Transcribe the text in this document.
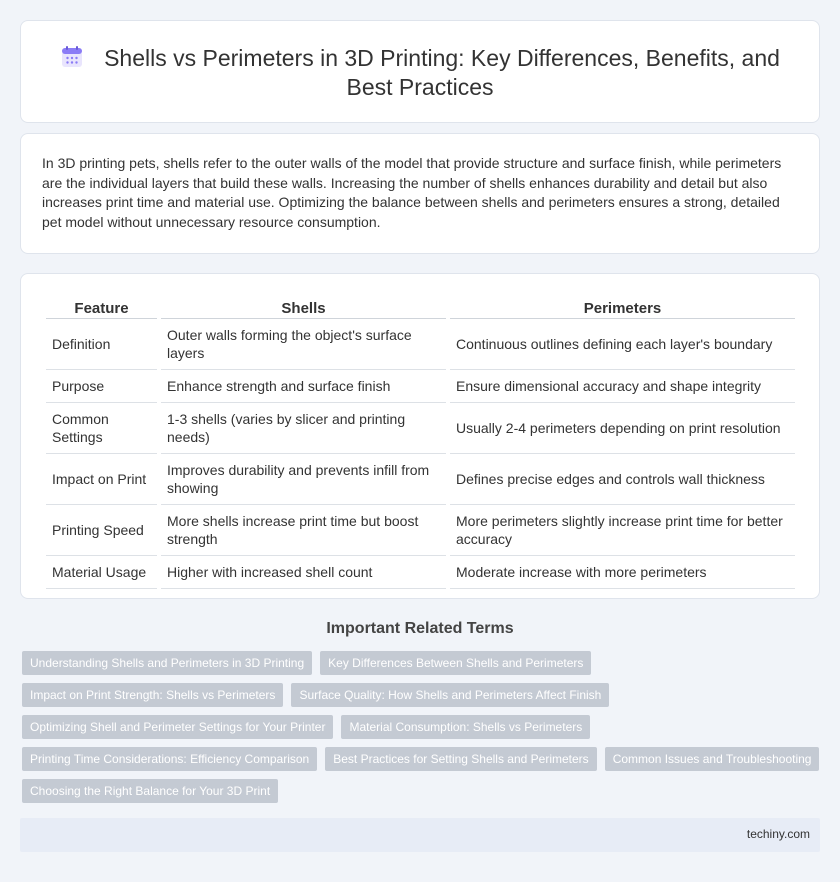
Shells vs Perimeters in 3D Printing: Key Differences, Benefits, and Best Practices

In 3D printing pets, shells refer to the outer walls of the model that provide structure and surface finish, while perimeters are the individual layers that build these walls. Increasing the number of shells enhances durability and detail but also increases print time and material use. Optimizing the balance between shells and perimeters ensures a strong, detailed pet model without unnecessary resource consumption.

Feature	Shells	Perimeters
Definition	Outer walls forming the object's surface layers	Continuous outlines defining each layer's boundary
Purpose	Enhance strength and surface finish	Ensure dimensional accuracy and shape integrity
Common Settings	1-3 shells (varies by slicer and printing needs)	Usually 2-4 perimeters depending on print resolution
Impact on Print	Improves durability and prevents infill from showing	Defines precise edges and controls wall thickness
Printing Speed	More shells increase print time but boost strength	More perimeters slightly increase print time for better accuracy
Material Usage	Higher with increased shell count	Moderate increase with more perimeters
Important Related Terms
Understanding Shells and Perimeters in 3D Printing	Key Differences Between Shells and Perimeters
Impact on Print Strength: Shells vs Perimeters	Surface Quality: How Shells and Perimeters Affect Finish
Optimizing Shell and Perimeter Settings for Your Printer	Material Consumption: Shells vs Perimeters
Printing Time Considerations: Efficiency Comparison	Best Practices for Setting Shells and Perimeters	Common Issues and Troubleshooting
Choosing the Right Balance for Your 3D Print
techiny.com
